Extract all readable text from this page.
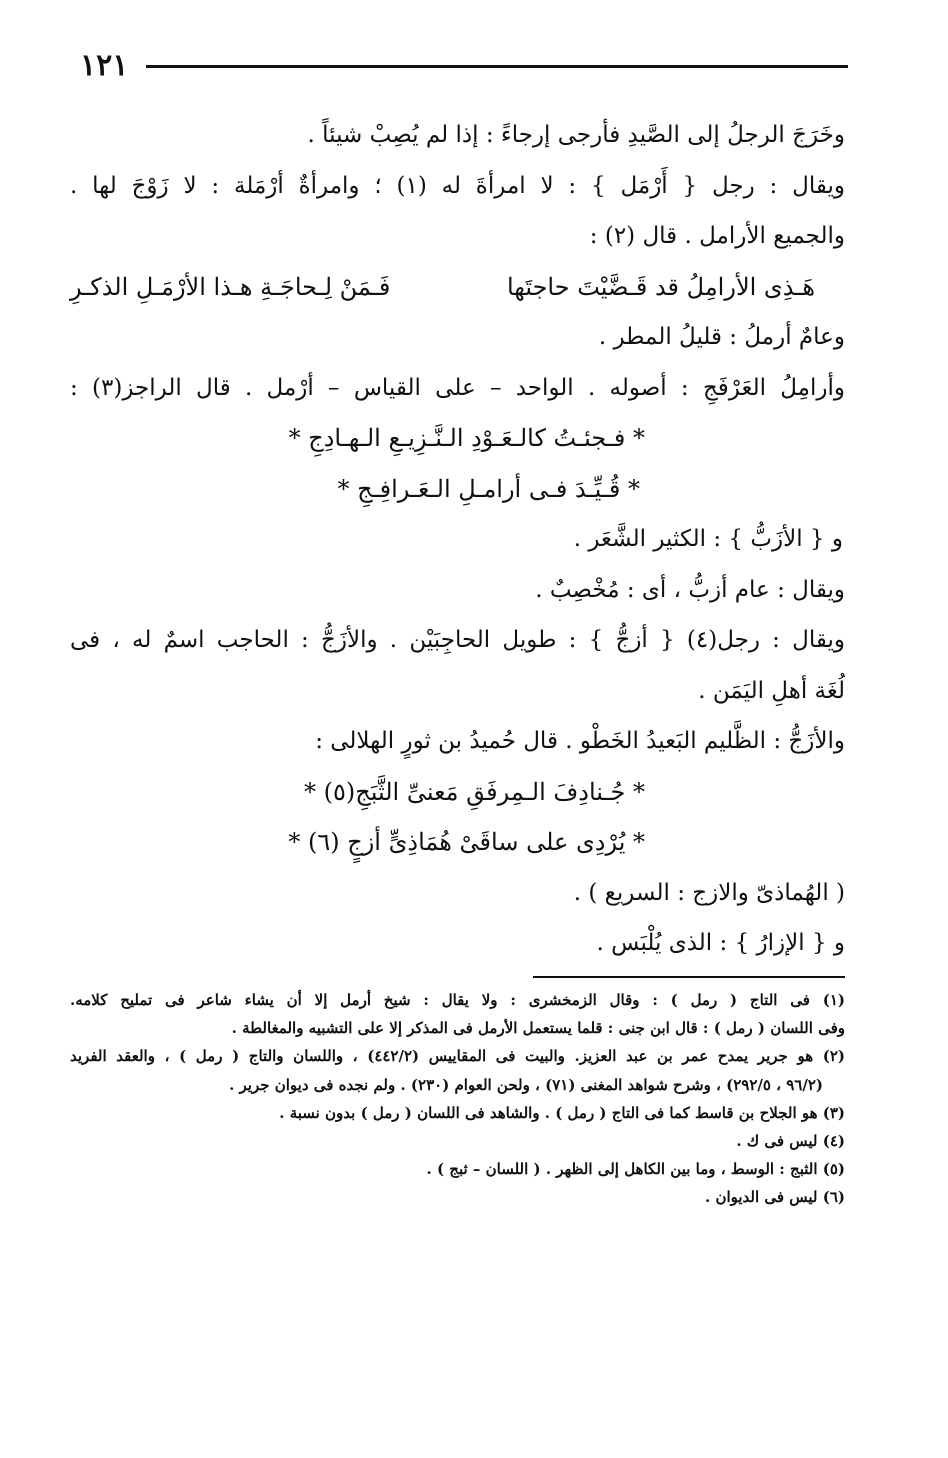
١٢١
وخَرَجَ الرجلُ إلى الصَّيدِ فأرجى إرجاءً : إذا لم يُصِبْ شيئاً .
ويقال : رجل { أَرْمَل } : لا امرأةَ له (١) ؛ وامرأةٌ أرْمَلة : لا زَوْجَ لها .
والجميع الأرامل . قال (٢) :
هَـذِى الأرامِلُ قد قَـضَّيْتَ حاجتَها
فَـمَنْ لِـحاجَـةِ هـذا الأرْمَـلِ الذكـرِ
وعامٌ أرملُ : قليلُ المطر .
وأرامِلُ العَرْفَجِ : أصوله . الواحد – على القياس – أرْمل . قال الراجز(٣) :
* فـجئـتُ كالـعَـوْدِ الـنَّـزِيـعِ الـهـادِجِ *
* قُـيِّـدَ فـى أرامـلِ الـعَـرافِـجِ *
و { الأزَبُّ } : الكثير الشَّعَر .
ويقال : عام أزبُّ ، أى : مُخْصِبٌ .
ويقال : رجل(٤) { أزجُّ } : طويل الحاجِبَيْن . والأزَجُّ : الحاجب اسمٌ له ، فى
لُغَة أهلِ اليَمَن .
والأزَجُّ : الظَّليم البَعيدُ الخَطْو . قال حُميدُ بن ثورٍ الهلالى :
* جُـنادِفَ الـمِرفَقِ مَعنىِّ الثَّبَجِ(٥) *
* يُرْدِى على ساقَىْ هُمَاذِىٍّ أزجٍ (٦) *
( الهُماذىّ والازج : السريع ) .
و { الإزارُ } : الذى يُلْبَس .
(١) فى التاج ( رمل ) : وقال الزمخشرى : ولا يقال : شيخ أرمل إلا أن يشاء شاعر فى تمليح كلامه.
وفى اللسان ( رمل ) : قال ابن جنى : قلما يستعمل الأرمل فى المذكر إلا على التشبيه والمغالطة .
(٢) هو جرير يمدح عمر بن عبد العزيز. والبيت فى المقاييس (٤٤٢/٢) ، واللسان والتاج ( رمل ) ، والعقد الفريد
(٩٦/٢ ، ٢٩٢/٥) ، وشرح شواهد المغنى (٧١) ، ولحن العوام (٢٣٠) . ولم نجده فى ديوان جرير .
(٣) هو الجلاح بن قاسط كما فى التاج ( رمل ) . والشاهد فى اللسان ( رمل ) بدون نسبة .
(٤) ليس فى ك .
(٥) الثبج : الوسط ، وما بين الكاهل إلى الظهر . ( اللسان – ثبج ) .
(٦) ليس فى الديوان .
